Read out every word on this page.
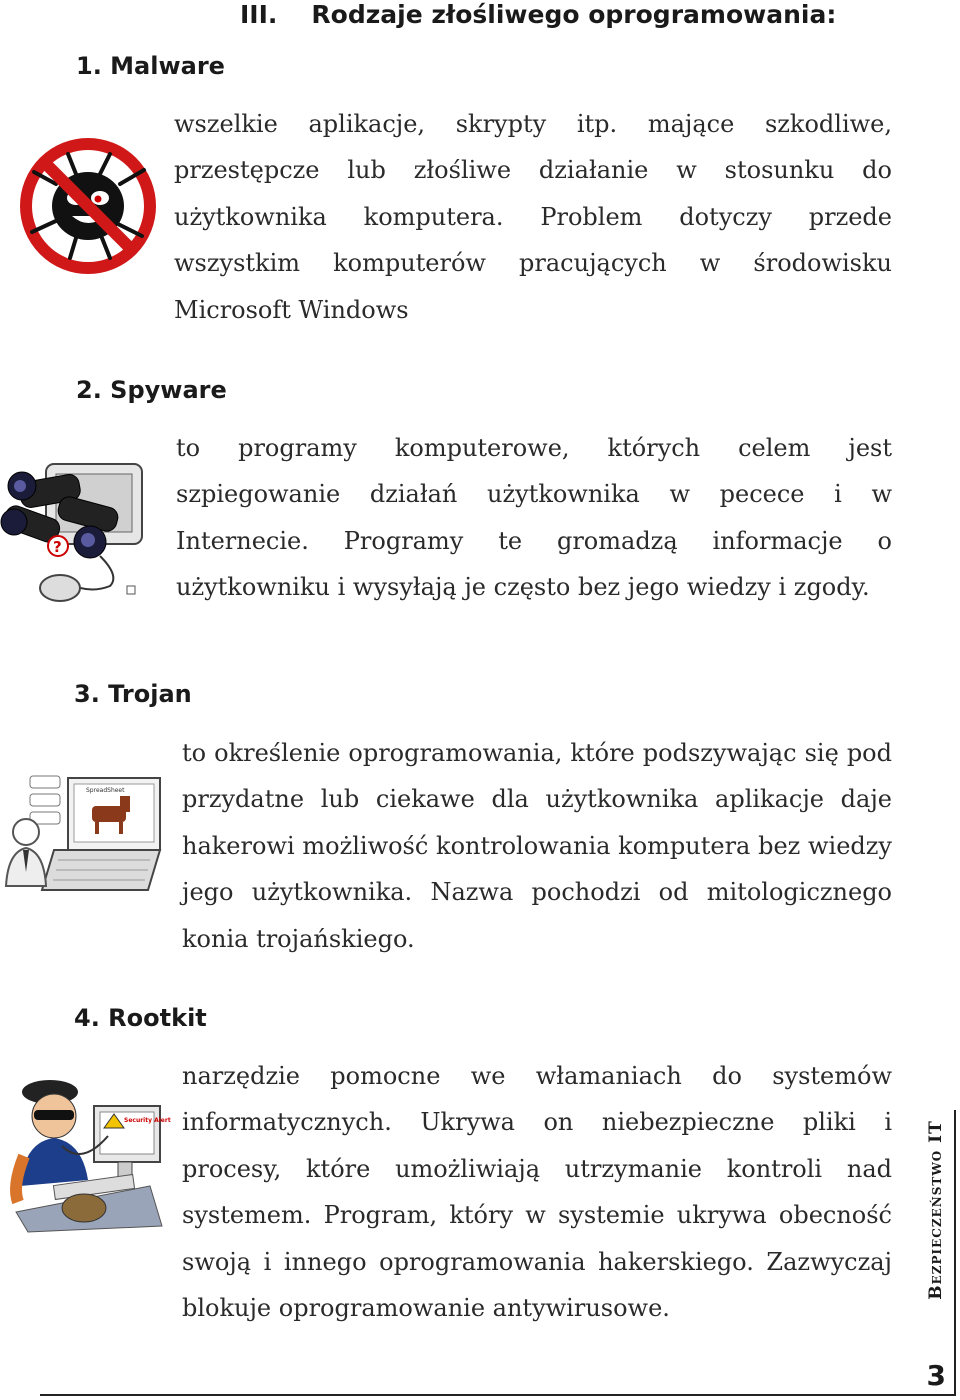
III. Rodzaje złośliwego oprogramowania:
1. Malware

wszelkie aplikacje, skrypty itp. mające szkodliwe, przestępcze lub złośliwe działanie w stosunku do użytkownika komputera. Problem dotyczy przede wszystkim komputerów pracujących w środowisku Microsoft Windows

2. Spyware
?

to programy komputerowe, których celem jest szpiegowanie działań użytkownika w pecece i w Internecie. Programy te gromadzą informacje o użytkowniku i wysyłają je często bez jego wiedzy i zgody.

3. Trojan
SpreadSheet

to określenie oprogramowania, które podszywając się pod przydatne lub ciekawe dla użytkownika aplikacje daje hakerowi możliwość kontrolowania komputera bez wiedzy jego użytkownika. Nazwa pochodzi od mitologicznego konia trojańskiego.

4. Rootkit
Security Alert

narzędzie pomocne we włamaniach do systemów informatycznych. Ukrywa on niebezpieczne pliki i procesy, które umożliwiają utrzymanie kontroli nad systemem. Program, który w systemie ukrywa obecność swoją i innego oprogramowania hakerskiego. Zazwyczaj blokuje oprogramowanie antywirusowe.

Bezpieczeństwo IT
3
